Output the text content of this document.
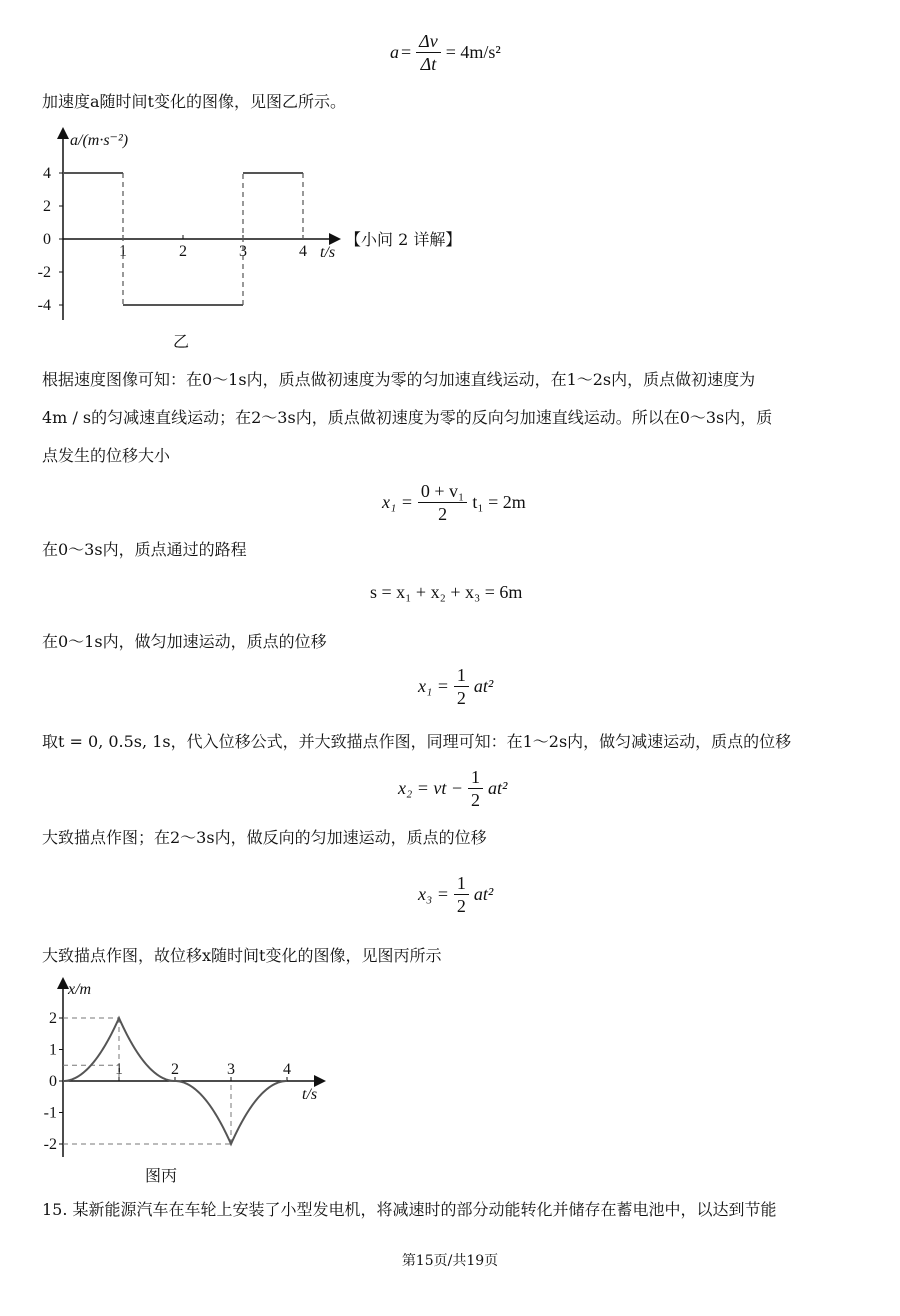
$a = \frac{\Delta v}{\Delta t} = 4m/s^2$
加速度a随时间t变化的图像，见图乙所示。
a/(m·s⁻²)
t/s
4
2
0
-2
-4
1	2	3	4
乙
【小问 2 详解】
根据速度图像可知：在0～1s内，质点做初速度为零的匀加速直线运动，在1～2s内，质点做初速度为
4m / s的匀减速直线运动；在2～3s内，质点做初速度为零的反向匀加速直线运动。所以在0～3s内，质
点发生的位移大小
$x_1 = \frac{\text{0 + v₁}}{2} t_1 = 2m$
在0～3s内，质点通过的路程
s = x₁ + x₂ + x₃ = 6m
在0～1s内，做匀加速运动，质点的位移
$x_1 = \frac{1}{2} at^2$
取t = 0, 0.5s, 1s，代入位移公式，并大致描点作图，同理可知：在1～2s内，做匀减速运动，质点的位移
x₂ = vt − $\frac{1}{2} at^2$
大致描点作图；在2～3s内，做反向的匀加速运动，质点的位移
$x_3 = \frac{1}{2} at^2$
大致描点作图，故位移x随时间t变化的图像，见图丙所示
x/m
t/s
2
1
0
-1
-2
1	2	3	4
图丙
15. 某新能源汽车在车轮上安装了小型发电机，将减速时的部分动能转化并储存在蓄电池中，以达到节能
第15页/共19页
